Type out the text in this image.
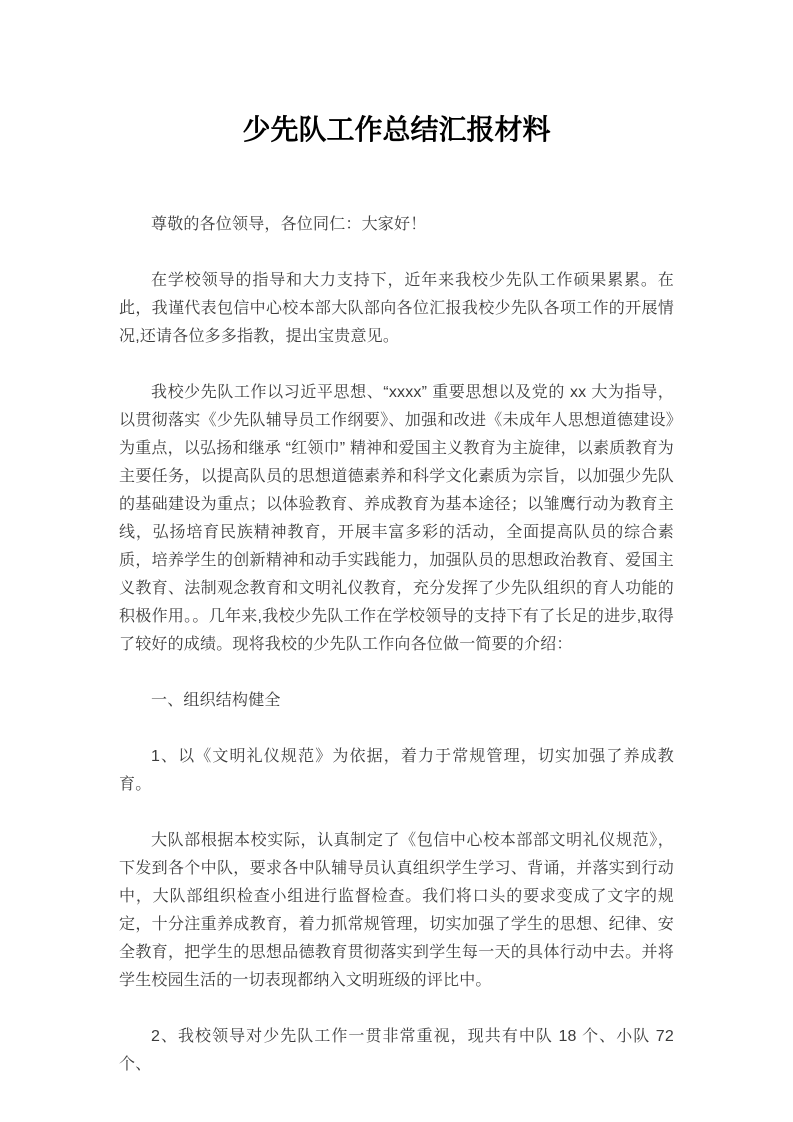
少先队工作总结汇报材料

尊敬的各位领导，各位同仁：大家好！

在学校领导的指导和大力支持下，近年来我校少先队工作硕果累累。在此，我谨代表包信中心校本部大队部向各位汇报我校少先队各项工作的开展情况,还请各位多多指教，提出宝贵意见。

我校少先队工作以习近平思想、“xxxx” 重要思想以及党的 xx 大为指导，以贯彻落实《少先队辅导员工作纲要》、加强和改进《未成年人思想道德建设》为重点，以弘扬和继承 “红领巾” 精神和爱国主义教育为主旋律，以素质教育为主要任务，以提高队员的思想道德素养和科学文化素质为宗旨，以加强少先队的基础建设为重点；以体验教育、养成教育为基本途径；以雏鹰行动为教育主线，弘扬培育民族精神教育，开展丰富多彩的活动，全面提高队员的综合素质，培养学生的创新精神和动手实践能力，加强队员的思想政治教育、爱国主义教育、法制观念教育和文明礼仪教育，充分发挥了少先队组织的育人功能的积极作用。。几年来,我校少先队工作在学校领导的支持下有了长足的进步,取得了较好的成绩。现将我校的少先队工作向各位做一简要的介绍：

一、组织结构健全

1、以《文明礼仪规范》为依据，着力于常规管理，切实加强了养成教育。

大队部根据本校实际，认真制定了《包信中心校本部部文明礼仪规范》，下发到各个中队，要求各中队辅导员认真组织学生学习、背诵，并落实到行动中，大队部组织检查小组进行监督检查。我们将口头的要求变成了文字的规定，十分注重养成教育，着力抓常规管理，切实加强了学生的思想、纪律、安全教育，把学生的思想品德教育贯彻落实到学生每一天的具体行动中去。并将学生校园生活的一切表现都纳入文明班级的评比中。

2、我校领导对少先队工作一贯非常重视，现共有中队 18 个、小队 72 个、
